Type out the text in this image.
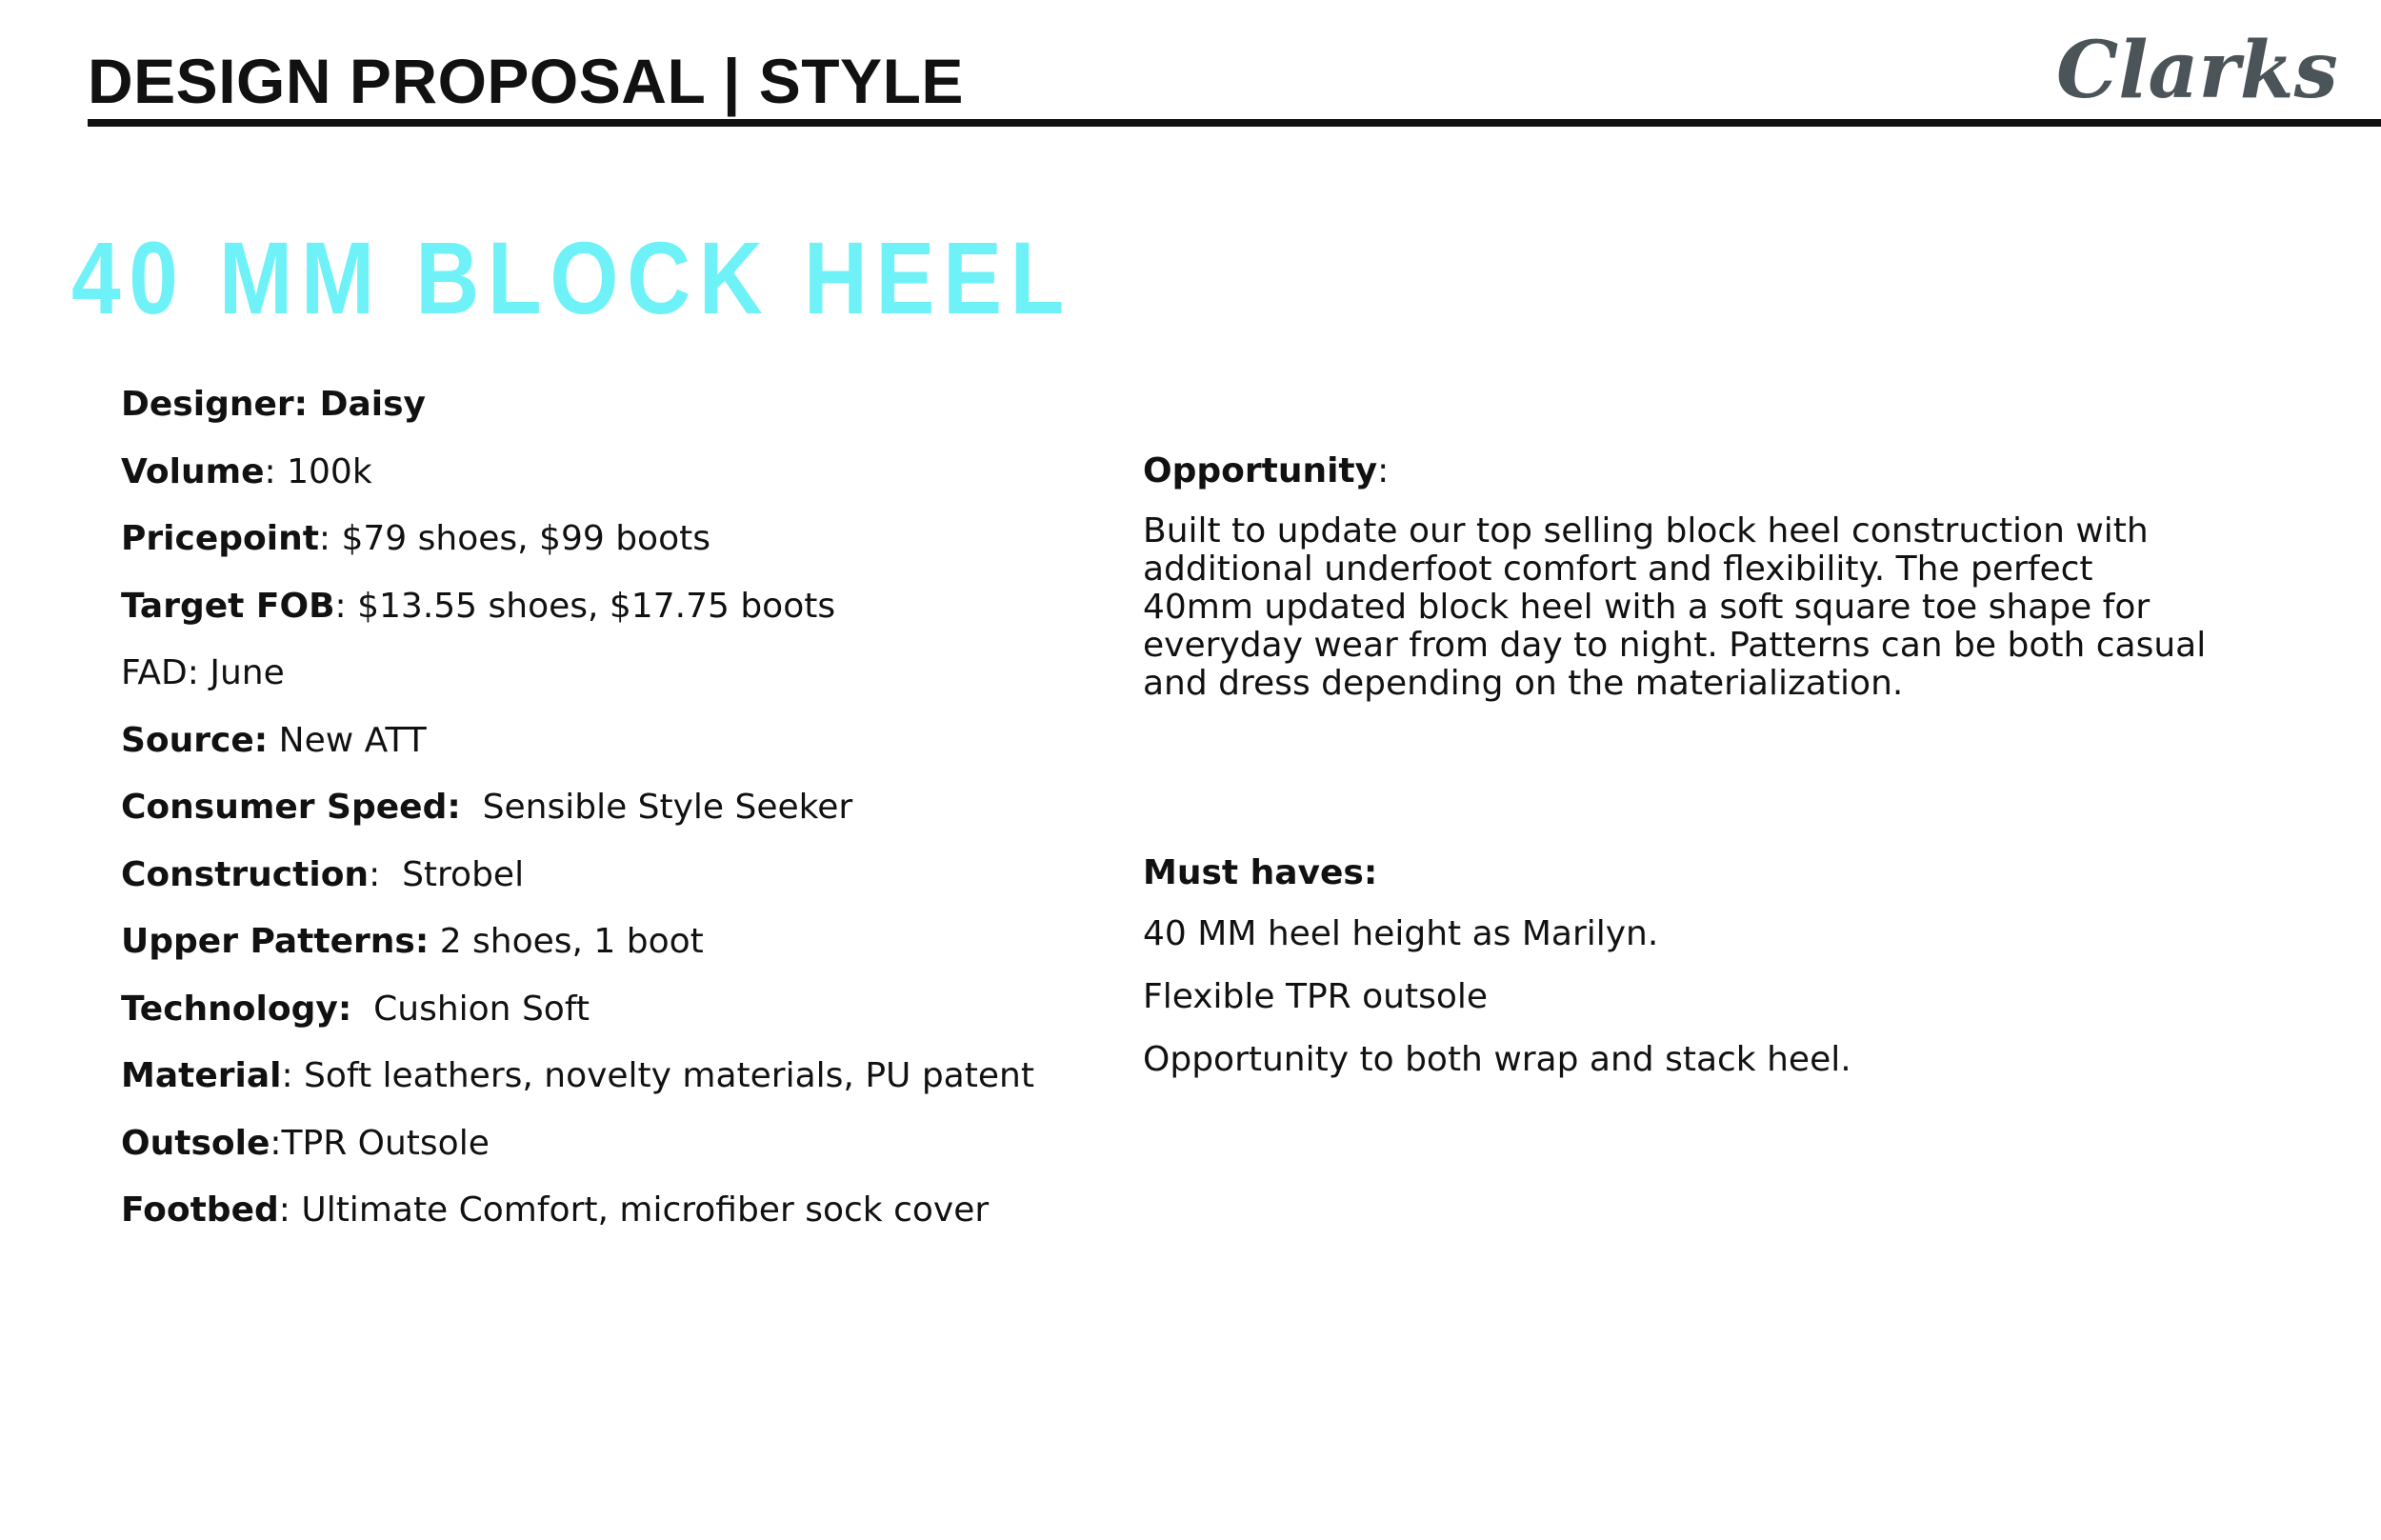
DESIGN PROPOSAL | STYLE	Clarks
40 MM BLOCK HEEL
Designer: Daisy
Volume: 100k
Pricepoint: $79 shoes, $99 boots
Target FOB: $13.55 shoes, $17.75 boots
FAD: June
Source: New ATT
Consumer Speed: Sensible Style Seeker
Construction:  Strobel
Upper Patterns: 2 shoes, 1 boot
Technology: Cushion Soft
Material: Soft leathers, novelty materials, PU patent
Outsole:TPR Outsole
Footbed: Ultimate Comfort, microfiber sock cover
Opportunity:

Built to update our top selling block heel construction with
additional underfoot comfort and flexibility. The perfect
40mm updated block heel with a soft square toe shape for
everyday wear from day to night. Patterns can be both casual
and dress depending on the materialization.

Must haves:
40 MM heel height as Marilyn.
Flexible TPR outsole
Opportunity to both wrap and stack heel.
